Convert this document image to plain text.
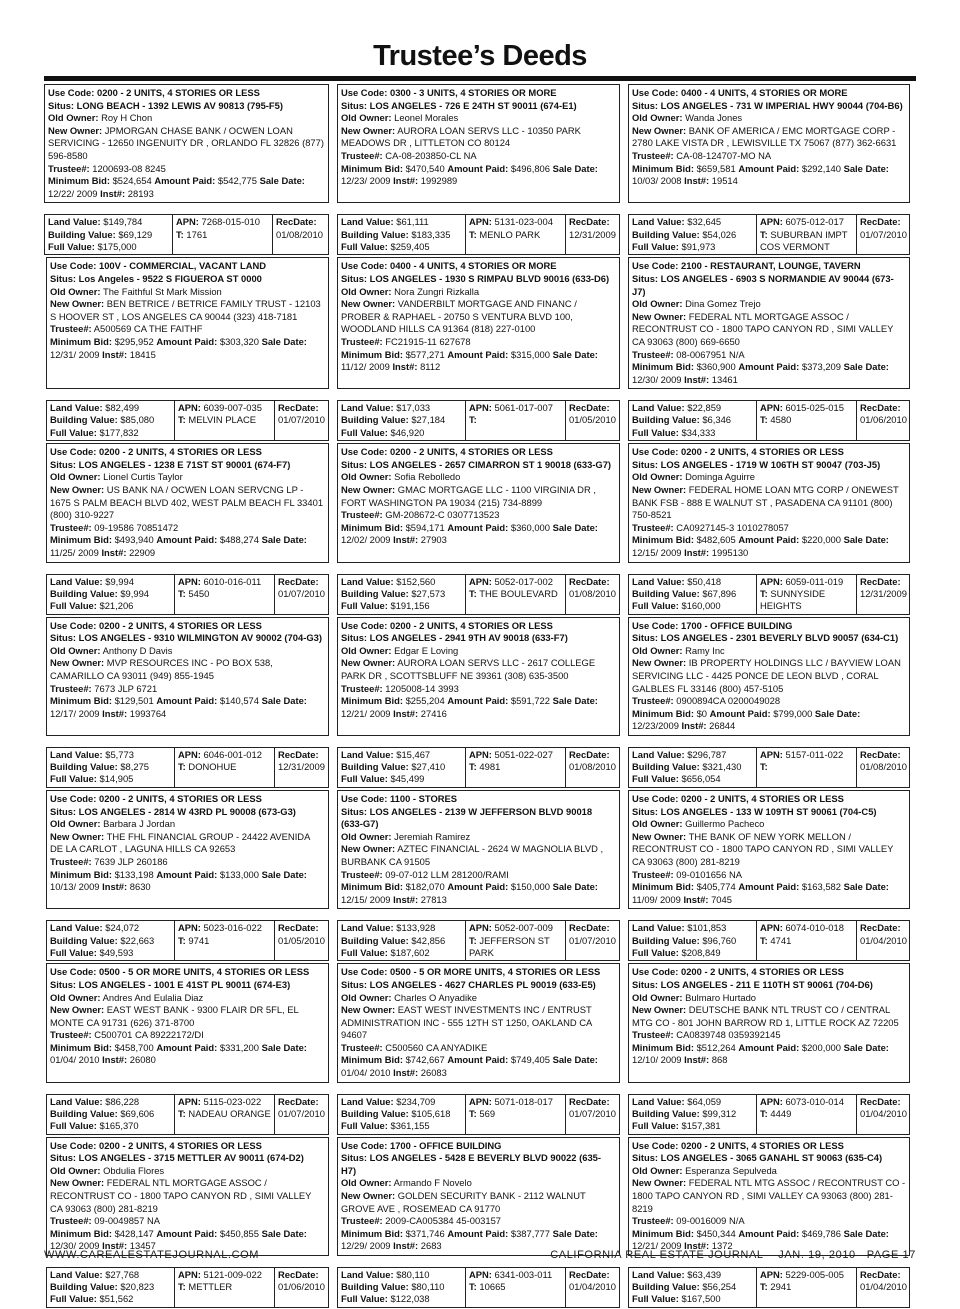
Trustee’s Deeds
Use Code: 0200 - 2 UNITS, 4 STORIES OR LESS
Situs: LONG BEACH - 1392 LEWIS AV 90813 (795-F5)
Old Owner: Roy H Chon
New Owner: JPMORGAN CHASE BANK / OCWEN LOAN SERVICING - 12650 INGENUITY DR , ORLANDO FL 32826 (877) 596-8580
Trustee#: 1200693-08 8245
Minimum Bid: $524,654 Amount Paid: $542,775 Sale Date: 12/22/ 2009 Inst#: 28193
Land Value: $149,784
Building Value: $69,129
Full Value: $175,000
APN: 7268-015-010
T: 1761
RecDate:
01/08/2010
Use Code: 0300 - 3 UNITS, 4 STORIES OR MORE
Situs: LOS ANGELES - 726 E 24TH ST 90011 (674-E1)
Old Owner: Leonel Morales
New Owner: AURORA LOAN SERVS LLC - 10350 PARK MEADOWS DR , LITTLETON CO 80124
Trustee#: CA-08-203850-CL NA
Minimum Bid: $470,540 Amount Paid: $496,806 Sale Date: 12/23/ 2009 Inst#: 1992989
Land Value: $61,111
Building Value: $183,335
Full Value: $259,405
APN: 5131-023-004
T: MENLO PARK
RecDate:
12/31/2009
Use Code: 0400 - 4 UNITS, 4 STORIES OR MORE
Situs: LOS ANGELES - 731 W IMPERIAL HWY 90044 (704-B6)
Old Owner: Wanda Jones
New Owner: BANK OF AMERICA / EMC MORTGAGE CORP - 2780 LAKE VISTA DR , LEWISVILLE TX 75067 (877) 362-6631
Trustee#: CA-08-124707-MO NA
Minimum Bid: $659,581 Amount Paid: $292,140 Sale Date: 10/03/ 2008 Inst#: 19514
Land Value: $32,645
Building Value: $54,026
Full Value: $91,973
APN: 6075-012-017
T: SUBURBAN IMPT COS VERMONT
RecDate:
01/07/2010
Use Code: 100V - COMMERCIAL, VACANT LAND
Situs: Los Angeles - 9522 S FIGUEROA ST 0000
Old Owner: The Faithful St Mark Mission
New Owner: BEN BETRICE / BETRICE FAMILY TRUST - 12103 S HOOVER ST , LOS ANGELES CA 90044 (323) 418-7181
Trustee#: A500569 CA THE FAITHF
Minimum Bid: $295,952 Amount Paid: $303,320 Sale Date: 12/31/ 2009 Inst#: 18415
Land Value: $82,499
Building Value: $85,080
Full Value: $177,832
APN: 6039-007-035
T: MELVIN PLACE
RecDate:
01/07/2010
Use Code: 0400 - 4 UNITS, 4 STORIES OR MORE
Situs: LOS ANGELES - 1930 S RIMPAU BLVD 90016 (633-D6)
Old Owner: Nora Zungri Rizkalla
New Owner: VANDERBILT MORTGAGE AND FINANC / PROBER & RAPHAEL - 20750 S VENTURA BLVD 100, WOODLAND HILLS CA 91364 (818) 227-0100
Trustee#: FC21915-11 627678
Minimum Bid: $577,271 Amount Paid: $315,000 Sale Date: 11/12/ 2009 Inst#: 8112
Land Value: $17,033
Building Value: $27,184
Full Value: $46,920
APN: 5061-017-007
T:
RecDate:
01/05/2010
Use Code: 2100 - RESTAURANT, LOUNGE, TAVERN
Situs: LOS ANGELES - 6903 S NORMANDIE AV 90044 (673-J7)
Old Owner: Dina Gomez Trejo
New Owner: FEDERAL NTL MORTGAGE ASSOC / RECONTRUST CO - 1800 TAPO CANYON RD , SIMI VALLEY CA 93063 (800) 669-6650
Trustee#: 08-0067951 N/A
Minimum Bid: $360,900 Amount Paid: $373,209 Sale Date: 12/30/ 2009 Inst#: 13461
Land Value: $22,859
Building Value: $6,346
Full Value: $34,333
APN: 6015-025-015
T: 4580
RecDate:
01/06/2010
Use Code: 0200 - 2 UNITS, 4 STORIES OR LESS
Situs: LOS ANGELES - 1238 E 71ST ST 90001 (674-F7)
Old Owner: Lionel Curtis Taylor
New Owner: US BANK NA / OCWEN LOAN SERVCNG LP - 1675 S PALM BEACH BLVD 402, WEST PALM BEACH FL 33401 (800) 310-9227
Trustee#: 09-19586 70851472
Minimum Bid: $493,940 Amount Paid: $488,274 Sale Date: 11/25/ 2009 Inst#: 22909
Land Value: $9,994
Building Value: $9,994
Full Value: $21,206
APN: 6010-016-011
T: 5450
RecDate:
01/07/2010
Use Code: 0200 - 2 UNITS, 4 STORIES OR LESS
Situs: LOS ANGELES - 2657 CIMARRON ST 1 90018 (633-G7)
Old Owner: Sofia Rebolledo
New Owner: GMAC MORTGAGE LLC - 1100 VIRGINIA DR , FORT WASHINGTON PA 19034 (215) 734-8899
Trustee#: GM-208672-C 0307713523
Minimum Bid: $594,171 Amount Paid: $360,000 Sale Date: 12/02/ 2009 Inst#: 27903
Land Value: $152,560
Building Value: $27,573
Full Value: $191,156
APN: 5052-017-002
T: THE BOULEVARD
RecDate:
01/08/2010
Use Code: 0200 - 2 UNITS, 4 STORIES OR LESS
Situs: LOS ANGELES - 1719 W 106TH ST 90047 (703-J5)
Old Owner: Dominga Aguirre
New Owner: FEDERAL HOME LOAN MTG CORP / ONEWEST BANK FSB - 888 E WALNUT ST , PASADENA CA 91101 (800) 750-8521
Trustee#: CA0927145-3 1010278057
Minimum Bid: $482,605 Amount Paid: $220,000 Sale Date: 12/15/ 2009 Inst#: 1995130
Land Value: $50,418
Building Value: $67,896
Full Value: $160,000
APN: 6059-011-019
T: SUNNYSIDE HEIGHTS
RecDate:
12/31/2009
Use Code: 0200 - 2 UNITS, 4 STORIES OR LESS
Situs: LOS ANGELES - 9310 WILMINGTON AV 90002 (704-G3)
Old Owner: Anthony D Davis
New Owner: MVP RESOURCES INC - PO BOX 538, CAMARILLO CA 93011 (949) 855-1945
Trustee#: 7673 JLP 6721
Minimum Bid: $129,501 Amount Paid: $140,574 Sale Date: 12/17/ 2009 Inst#: 1993764
Land Value: $5,773
Building Value: $8,275
Full Value: $14,905
APN: 6046-001-012
T: DONOHUE
RecDate:
12/31/2009
Use Code: 0200 - 2 UNITS, 4 STORIES OR LESS
Situs: LOS ANGELES - 2941 9TH AV 90018 (633-F7)
Old Owner: Edgar E Loving
New Owner: AURORA LOAN SERVS LLC - 2617 COLLEGE PARK DR , SCOTTSBLUFF NE 39361 (308) 635-3500
Trustee#: 1205008-14 3993
Minimum Bid: $255,204 Amount Paid: $591,722 Sale Date: 12/21/ 2009 Inst#: 27416
Land Value: $15,467
Building Value: $27,410
Full Value: $45,499
APN: 5051-022-027
T: 4981
RecDate:
01/08/2010
Use Code: 1700 - OFFICE BUILDING
Situs: LOS ANGELES - 2301 BEVERLY BLVD 90057 (634-C1)
Old Owner: Ramy Inc
New Owner: IB PROPERTY HOLDINGS LLC / BAYVIEW LOAN SERVICING LLC - 4425 PONCE DE LEON BLVD , CORAL GALBLES FL 33146 (800) 457-5105
Trustee#: 0900894CA 0200049028
Minimum Bid: $0 Amount Paid: $799,000 Sale Date: 12/23/2009 Inst#: 26844
Land Value: $296,787
Building Value: $321,430
Full Value: $656,054
APN: 5157-011-022
T:
RecDate:
01/08/2010
Use Code: 0200 - 2 UNITS, 4 STORIES OR LESS
Situs: LOS ANGELES - 2814 W 43RD PL 90008 (673-G3)
Old Owner: Barbara J Jordan
New Owner: THE FHL FINANCIAL GROUP - 24422 AVENIDA DE LA CARLOT , LAGUNA HILLS CA 92653
Trustee#: 7639 JLP 260186
Minimum Bid: $133,198 Amount Paid: $133,000 Sale Date: 10/13/ 2009 Inst#: 8630
Land Value: $24,072
Building Value: $22,663
Full Value: $49,593
APN: 5023-016-022
T: 9741
RecDate:
01/05/2010
Use Code: 1100 - STORES
Situs: LOS ANGELES - 2139 W JEFFERSON BLVD 90018 (633-G7)
Old Owner: Jeremiah Ramirez
New Owner: AZTEC FINANCIAL - 2624 W MAGNOLIA BLVD , BURBANK CA 91505
Trustee#: 09-07-012 LLM 281200/RAMI
Minimum Bid: $182,070 Amount Paid: $150,000 Sale Date: 12/15/ 2009 Inst#: 27813
Land Value: $133,928
Building Value: $42,856
Full Value: $187,602
APN: 5052-007-009
T: JEFFERSON ST PARK
RecDate:
01/07/2010
Use Code: 0200 - 2 UNITS, 4 STORIES OR LESS
Situs: LOS ANGELES - 133 W 109TH ST 90061 (704-C5)
Old Owner: Guillermo Pacheco
New Owner: THE BANK OF NEW YORK MELLON / RECONTRUST CO - 1800 TAPO CANYON RD , SIMI VALLEY CA 93063 (800) 281-8219
Trustee#: 09-0101656 NA
Minimum Bid: $405,774 Amount Paid: $163,582 Sale Date: 11/09/ 2009 Inst#: 7045
Land Value: $101,853
Building Value: $96,760
Full Value: $208,849
APN: 6074-010-018
T: 4741
RecDate:
01/04/2010
Use Code: 0500 - 5 OR MORE UNITS, 4 STORIES OR LESS
Situs: LOS ANGELES - 1001 E 41ST PL 90011 (674-E3)
Old Owner: Andres And Eulalia Diaz
New Owner: EAST WEST BANK - 9300 FLAIR DR 5FL, EL MONTE CA 91731 (626) 371-8700
Trustee#: C500701 CA 89222172/DI
Minimum Bid: $458,700 Amount Paid: $331,200 Sale Date: 01/04/ 2010 Inst#: 26080
Land Value: $86,228
Building Value: $69,606
Full Value: $165,370
APN: 5115-023-022
T: NADEAU ORANGE
RecDate:
01/07/2010
Use Code: 0500 - 5 OR MORE UNITS, 4 STORIES OR LESS
Situs: LOS ANGELES - 4627 CHARLES PL 90019 (633-E5)
Old Owner: Charles O Anyadike
New Owner: EAST WEST INVESTMENTS INC / ENTRUST ADMINISTRATION INC - 555 12TH ST 1250, OAKLAND CA 94607
Trustee#: C500560 CA ANYADIKE
Minimum Bid: $742,667 Amount Paid: $749,405 Sale Date: 01/04/ 2010 Inst#: 26083
Land Value: $234,709
Building Value: $105,618
Full Value: $361,155
APN: 5071-018-017
T: 569
RecDate:
01/07/2010
Use Code: 0200 - 2 UNITS, 4 STORIES OR LESS
Situs: LOS ANGELES - 211 E 110TH ST 90061 (704-D6)
Old Owner: Bulmaro Hurtado
New Owner: DEUTSCHE BANK NTL TRUST CO / CENTRAL MTG CO - 801 JOHN BARROW RD 1, LITTLE ROCK AZ 72205
Trustee#: CA0839748 0359392145
Minimum Bid: $512,264 Amount Paid: $200,000 Sale Date: 12/10/ 2009 Inst#: 868
Land Value: $64,059
Building Value: $99,312
Full Value: $157,381
APN: 6073-010-014
T: 4449
RecDate:
01/04/2010
Use Code: 0200 - 2 UNITS, 4 STORIES OR LESS
Situs: LOS ANGELES - 3715 METTLER AV 90011 (674-D2)
Old Owner: Obdulia Flores
New Owner: FEDERAL NTL MORTGAGE ASSOC / RECONTRUST CO - 1800 TAPO CANYON RD , SIMI VALLEY CA 93063 (800) 281-8219
Trustee#: 09-0049857 NA
Minimum Bid: $428,147 Amount Paid: $450,855 Sale Date: 12/30/ 2009 Inst#: 13457
Land Value: $27,768
Building Value: $20,823
Full Value: $51,562
APN: 5121-009-022
T: METTLER
RecDate:
01/06/2010
Use Code: 1700 - OFFICE BUILDING
Situs: LOS ANGELES - 5428 E BEVERLY BLVD 90022 (635-H7)
Old Owner: Armando F Novelo
New Owner: GOLDEN SECURITY BANK - 2112 WALNUT GROVE AVE , ROSEMEAD CA 91770
Trustee#: 2009-CA005384 45-003157
Minimum Bid: $371,746 Amount Paid: $387,777 Sale Date: 12/29/ 2009 Inst#: 2683
Land Value: $80,110
Building Value: $80,110
Full Value: $122,038
APN: 6341-003-011
T: 10665
RecDate:
01/04/2010
Use Code: 0200 - 2 UNITS, 4 STORIES OR LESS
Situs: LOS ANGELES - 3065 GANAHL ST 90063 (635-C4)
Old Owner: Esperanza Sepulveda
New Owner: FEDERAL NTL MTG ASSOC / RECONTRUST CO - 1800 TAPO CANYON RD , SIMI VALLEY CA 93063 (800) 281-8219
Trustee#: 09-0016009 N/A
Minimum Bid: $450,344 Amount Paid: $469,786 Sale Date: 12/21/ 2009 Inst#: 1372
Land Value: $63,439
Building Value: $56,254
Full Value: $167,500
APN: 5229-005-005
T: 2941
RecDate:
01/04/2010
WWW.CAREALESTATEJOURNAL.COM	CALIFORNIA REAL ESTATE JOURNAL JAN. 19, 2010 PAGE 17
